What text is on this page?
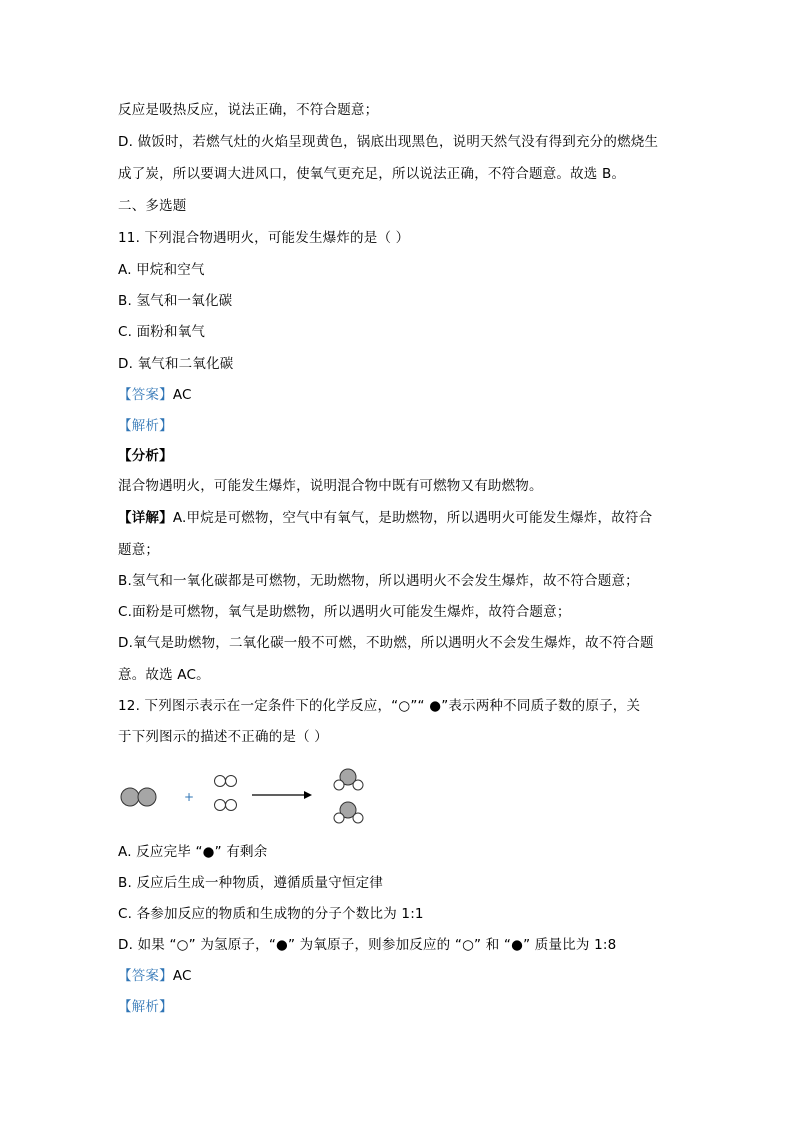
反应是吸热反应，说法正确，不符合题意；
D. 做饭时，若燃气灶的火焰呈现黄色，锅底出现黑色，说明天然气没有得到充分的燃烧生
成了炭，所以要调大进风口，使氧气更充足，所以说法正确，不符合题意。故选 B。
二、多选题
11. 下列混合物遇明火，可能发生爆炸的是（ ）
A. 甲烷和空气
B. 氢气和一氧化碳
C. 面粉和氧气
D. 氧气和二氧化碳
【答案】AC
【解析】
【分析】
混合物遇明火，可能发生爆炸，说明混合物中既有可燃物又有助燃物。
【详解】A.甲烷是可燃物，空气中有氧气，是助燃物，所以遇明火可能发生爆炸，故符合
题意；
B.氢气和一氧化碳都是可燃物，无助燃物，所以遇明火不会发生爆炸，故不符合题意；
C.面粉是可燃物，氧气是助燃物，所以遇明火可能发生爆炸，故符合题意；
D.氧气是助燃物，二氧化碳一般不可燃，不助燃，所以遇明火不会发生爆炸，故不符合题
意。故选 AC。
12. 下列图示表示在一定条件下的化学反应，“○”“ ●”表示两种不同质子数的原子，关
于下列图示的描述不正确的是（ ）
+
A. 反应完毕 “●” 有剩余
B. 反应后生成一种物质，遵循质量守恒定律
C. 各参加反应的物质和生成物的分子个数比为 1:1
D. 如果 “○” 为氢原子，“●” 为氧原子，则参加反应的 “○” 和 “●” 质量比为 1:8
【答案】AC
【解析】
